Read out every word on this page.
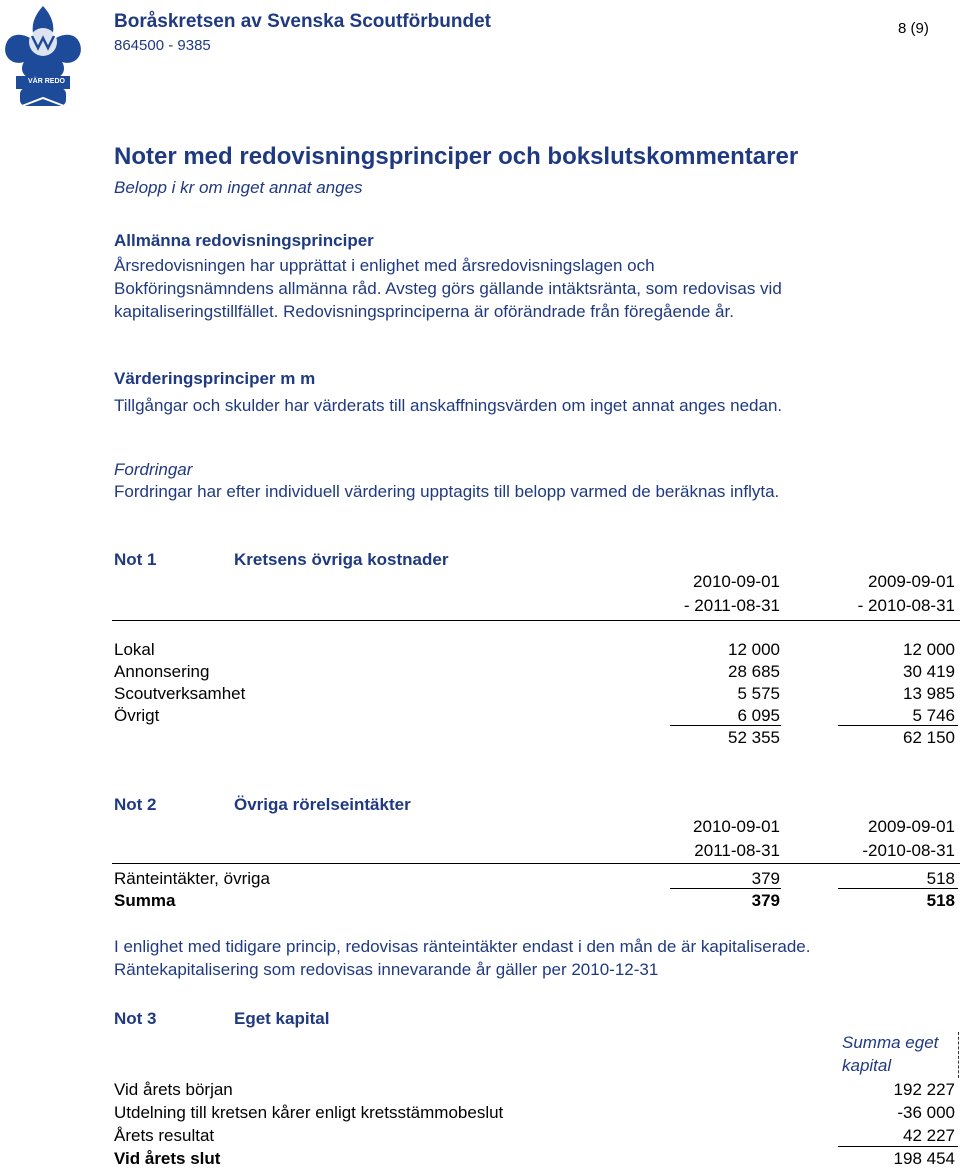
VÄR REDO
Boråskretsen av Svenska Scoutförbundet
864500 - 9385
8 (9)
Noter med redovisningsprinciper och bokslutskommentarer
Belopp i kr om inget annat anges
Allmänna redovisningsprinciper
Årsredovisningen har upprättat i enlighet med årsredovisningslagen och
Bokföringsnämndens allmänna råd. Avsteg görs gällande intäktsränta, som redovisas vid
kapitaliseringstillfället. Redovisningsprinciperna är oförändrade från föregående år.
Värderingsprinciper m m
Tillgångar och skulder har värderats till anskaffningsvärden om inget annat anges nedan.
Fordringar
Fordringar har efter individuell värdering upptagits till belopp varmed de beräknas inflyta.
Not 1	Kretsens övriga kostnader
2010-09-01	2009-09-01
- 2011-08-31	- 2010-08-31
Lokal	12 000	12 000
Annonsering	28 685	30 419
Scoutverksamhet	5 575	13 985
Övrigt	6 095	5 746
52 355	62 150
Not 2	Övriga rörelseintäkter
2010-09-01	2009-09-01
2011-08-31	-2010-08-31
Ränteintäkter, övriga	379	518
Summa	379	518
I enlighet med tidigare princip, redovisas ränteintäkter endast i den mån de är kapitaliserade.
Räntekapitalisering som redovisas innevarande år gäller per 2010-12-31
Not 3	Eget kapital
Summa eget
kapital
Vid årets början	192 227
Utdelning till kretsen kårer enligt kretsstämmobeslut	-36 000
Årets resultat	42 227
Vid årets slut	198 454
